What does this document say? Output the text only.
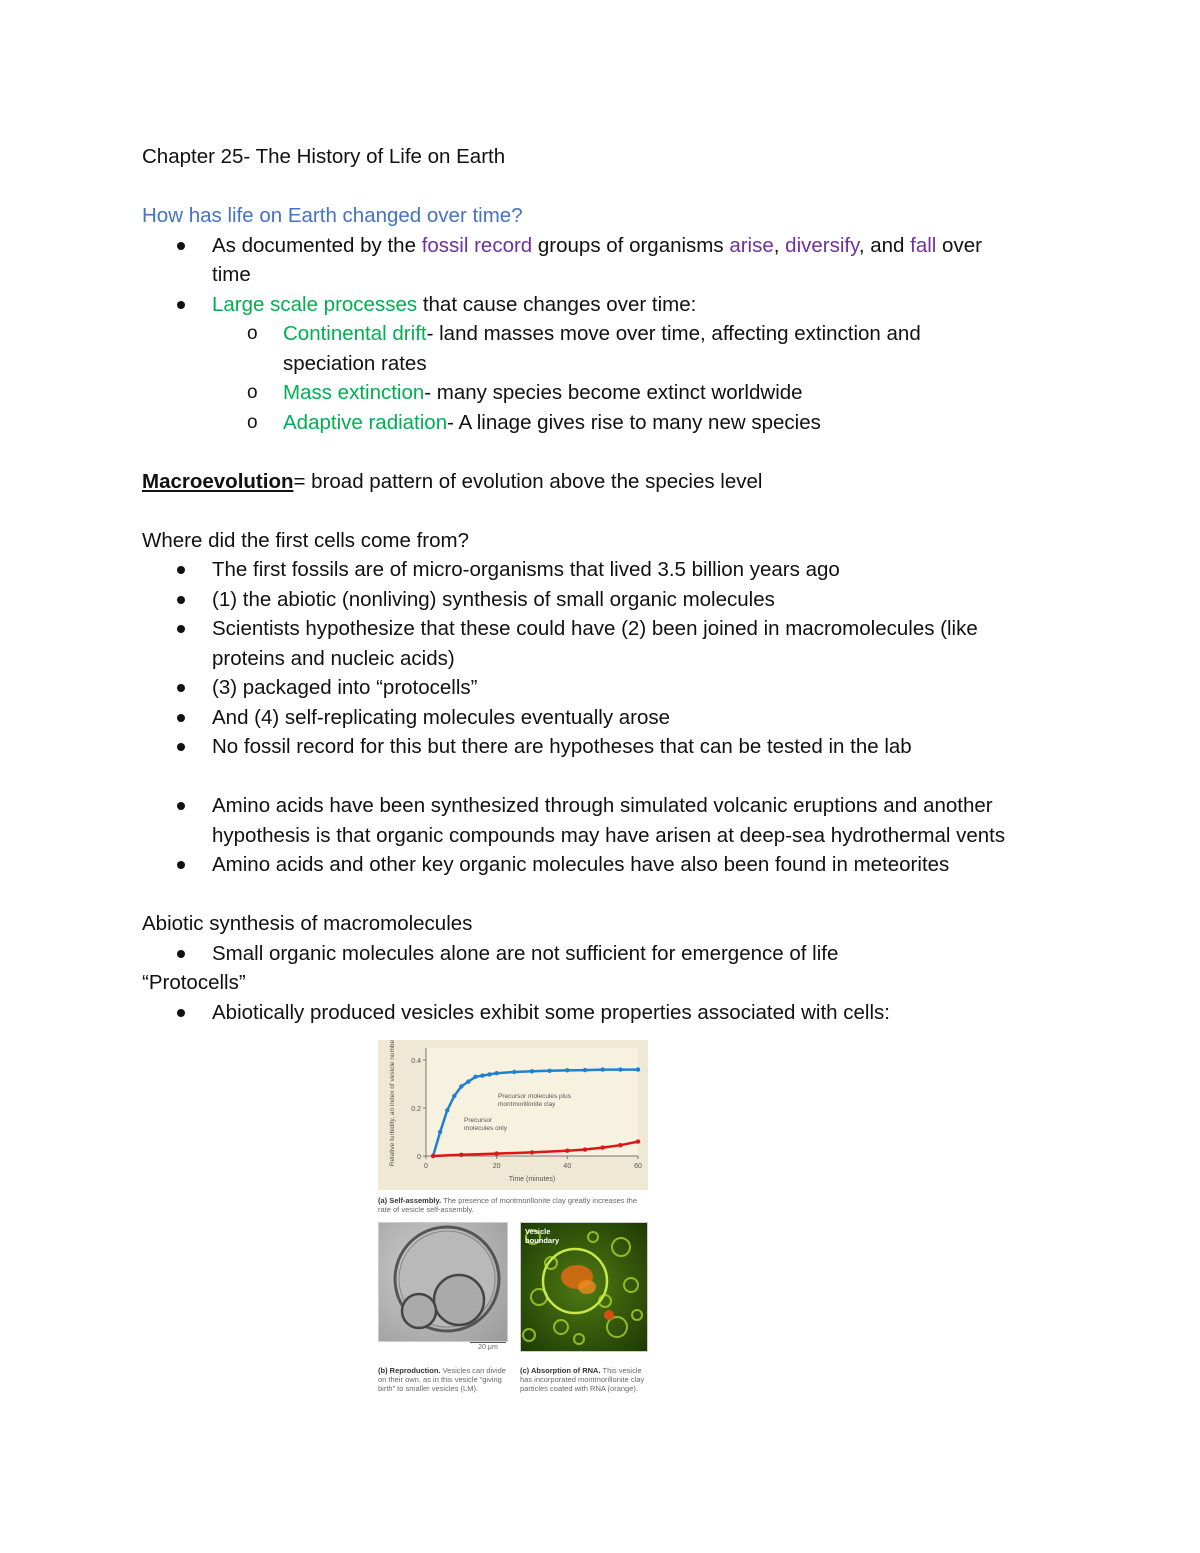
Chapter 25- The History of Life on Earth
How has life on Earth changed over time?
As documented by the fossil record groups of organisms arise, diversify, and fall over
time
Large scale processes that cause changes over time:
o Continental drift- land masses move over time, affecting extinction and
speciation rates
o Mass extinction- many species become extinct worldwide
o Adaptive radiation- A linage gives rise to many new species
Macroevolution= broad pattern of evolution above the species level
Where did the first cells come from?
The first fossils are of micro-organisms that lived 3.5 billion years ago
(1) the abiotic (nonliving) synthesis of small organic molecules
Scientists hypothesize that these could have (2) been joined in macromolecules (like
proteins and nucleic acids)
(3) packaged into “protocells”
And (4) self-replicating molecules eventually arose
No fossil record for this but there are hypotheses that can be tested in the lab
Amino acids have been synthesized through simulated volcanic eruptions and another
hypothesis is that organic compounds may have arisen at deep-sea hydrothermal vents
Amino acids and other key organic molecules have also been found in meteorites
Abiotic synthesis of macromolecules
Small organic molecules alone are not sufficient for emergence of life
“Protocells”
Abiotically produced vesicles exhibit some properties associated with cells:
0
0.2
0.4
0	20	40	60
Time (minutes)
Relative turbidity, an index of vesicle number	Precursor molecules plus montmorillonite clay
Precursor molecules only
(a) Self-assembly. The presence of montmorillonite clay greatly increases the rate of vesicle self-assembly.
20 μm
(b) Reproduction. Vesicles can divide on their own, as in this vesicle “giving birth” to smaller vesicles (LM).
Vesicle boundary
(c) Absorption of RNA. This vesicle has incorporated montmorillonite clay particles coated with RNA (orange).
